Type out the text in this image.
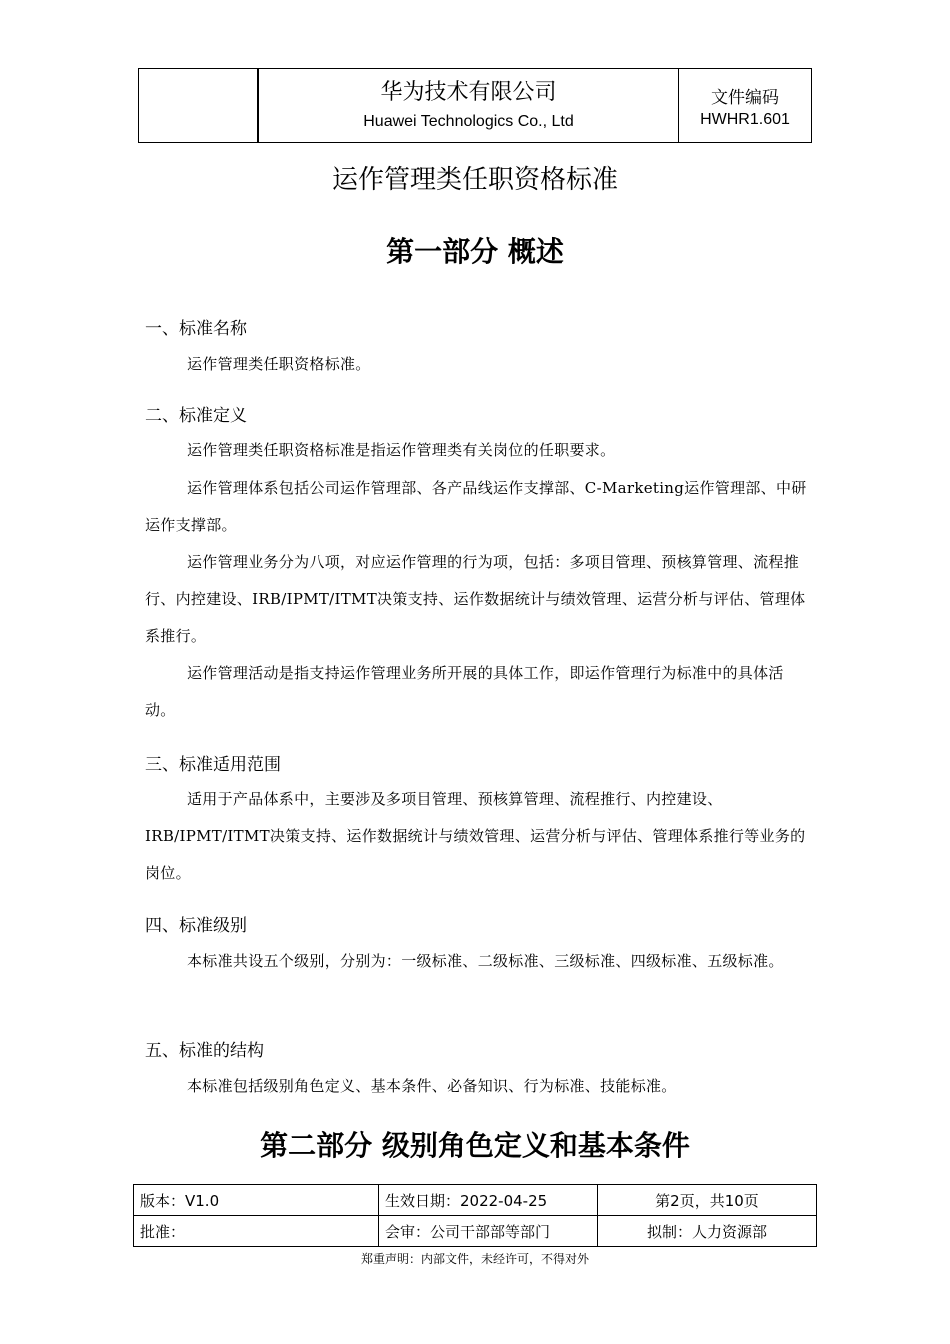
华为技术有限公司
Huawei Technologics Co., Ltd
文件编码
HWHR1.601
运作管理类任职资格标准
第一部分 概述
一、标准名称
运作管理类任职资格标准。
二、标准定义
运作管理类任职资格标准是指运作管理类有关岗位的任职要求。
运作管理体系包括公司运作管理部、各产品线运作支撑部、C-Marketing运作管理部、中研运作支撑部。
运作管理业务分为八项，对应运作管理的行为项，包括：多项目管理、预核算管理、流程推行、内控建设、IRB/IPMT/ITMT决策支持、运作数据统计与绩效管理、运营分析与评估、管理体系推行。
运作管理活动是指支持运作管理业务所开展的具体工作，即运作管理行为标准中的具体活动。
三、标准适用范围
适用于产品体系中，主要涉及多项目管理、预核算管理、流程推行、内控建设、IRB/IPMT/ITMT决策支持、运作数据统计与绩效管理、运营分析与评估、管理体系推行等业务的岗位。
四、标准级别
本标准共设五个级别，分别为：一级标准、二级标准、三级标准、四级标准、五级标准。
五、标准的结构
本标准包括级别角色定义、基本条件、必备知识、行为标准、技能标准。
第二部分 级别角色定义和基本条件
版本：V1.0	生效日期：2022-04-25	第2页，共10页
批准：	会审：公司干部部等部门	拟制：人力资源部
郑重声明：内部文件，未经许可，不得对外
